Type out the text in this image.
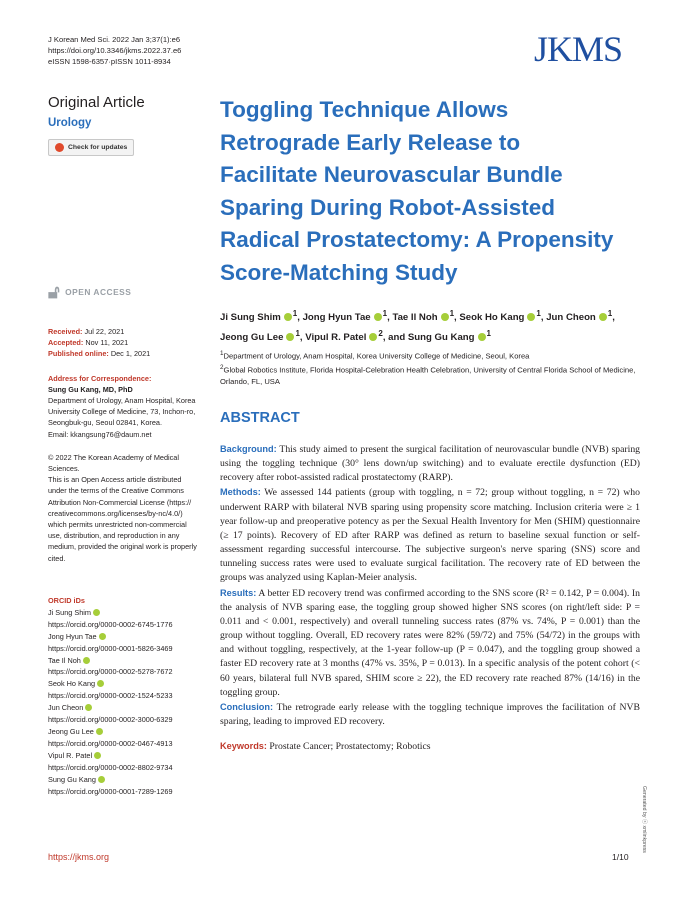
J Korean Med Sci. 2022 Jan 3;37(1):e6
https://doi.org/10.3346/jkms.2022.37.e6
eISSN 1598-6357·pISSN 1011-8934	JKMS
Original Article
Urology
Check for updates
🔓︎ OPEN ACCESS
Received: Jul 22, 2021
Accepted: Nov 11, 2021
Published online: Dec 1, 2021
Address for Correspondence:
Sung Gu Kang, MD, PhD
Department of Urology, Anam Hospital, Korea
University College of Medicine, 73, Inchon-ro,
Seongbuk-gu, Seoul 02841, Korea.
Email: kkangsung76@daum.net
© 2022 The Korean Academy of Medical
Sciences.
This is an Open Access article distributed
under the terms of the Creative Commons
Attribution Non-Commercial License (https://
creativecommons.org/licenses/by-nc/4.0/)
which permits unrestricted non-commercial
use, distribution, and reproduction in any
medium, provided the original work is properly
cited.
ORCID iDs
Ji Sung Shim
https://orcid.org/0000-0002-6745-1776
Jong Hyun Tae
https://orcid.org/0000-0001-5826-3469
Tae Il Noh
https://orcid.org/0000-0002-5278-7672
Seok Ho Kang
https://orcid.org/0000-0002-1524-5233
Jun Cheon
https://orcid.org/0000-0002-3000-6329
Jeong Gu Lee
https://orcid.org/0000-0002-0467-4913
Vipul R. Patel
https://orcid.org/0000-0002-8802-9734
Sung Gu Kang
https://orcid.org/0000-0001-7289-1269
Toggling Technique Allows Retrograde Early Release to Facilitate Neurovascular Bundle Sparing During Robot-Assisted Radical Prostatectomy: A Propensity Score-Matching Study
Ji Sung Shim $^1$, Jong Hyun Tae $^1$, Tae Il Noh $^1$, Seok Ho Kang $^1$, Jun Cheon $^1$,
Jeong Gu Lee $^1$, Vipul R. Patel $^2$, and Sung Gu Kang $^1$
$^1$Department of Urology, Anam Hospital, Korea University College of Medicine, Seoul, Korea
$^2$Global Robotics Institute, Florida Hospital-Celebration Health Celebration, University of Central Florida School of Medicine, Orlando, FL, USA
ABSTRACT
Background: This study aimed to present the surgical facilitation of neurovascular bundle (NVB) sparing using the toggling technique (30° lens down/up switching) and to evaluate erectile dysfunction (ED) recovery after robot-assisted radical prostatectomy (RARP).
Methods: We assessed 144 patients (group with toggling, n = 72; group without toggling, n = 72) who underwent RARP with bilateral NVB sparing using propensity score matching. Inclusion criteria were ≥ 1 year follow-up and preoperative potency as per the Sexual Health Inventory for Men (SHIM) questionnaire (≥ 17 points). Recovery of ED after RARP was defined as return to baseline sexual function or self-assessment regarding successful intercourse. The subjective surgeon's nerve sparing (SNS) score and tunneling success rates were used to evaluate surgical facilitation. The recovery rate of ED between the groups was analyzed using Kaplan-Meier analysis.
Results: A better ED recovery trend was confirmed according to the SNS score (R² = 0.142, P = 0.004). In the analysis of NVB sparing ease, the toggling group showed higher SNS scores (on right/left side: P = 0.011 and < 0.001, respectively) and overall tunneling success rates (87% vs. 74%, P = 0.001) than the group without toggling. Overall, ED recovery rates were 82% (59/72) and 75% (54/72) in the groups with and without toggling, respectively, at the 1-year follow-up (P = 0.047), and the toggling group showed a faster ED recovery rate at 3 months (47% vs. 35%, P = 0.013). In a specific analysis of the potent cohort (< 60 years, bilateral full NVB spared, SHIM score ≥ 22), the ED recovery rate reached 87% (14/16) in the toggling group.
Conclusion: The retrograde early release with the toggling technique improves the facilitation of NVB sparing, leading to improved ED recovery.
Keywords: Prostate Cancer; Prostatectomy; Robotics
Generated by ⓧ xmlinkpress
https://jkms.org	1/10
